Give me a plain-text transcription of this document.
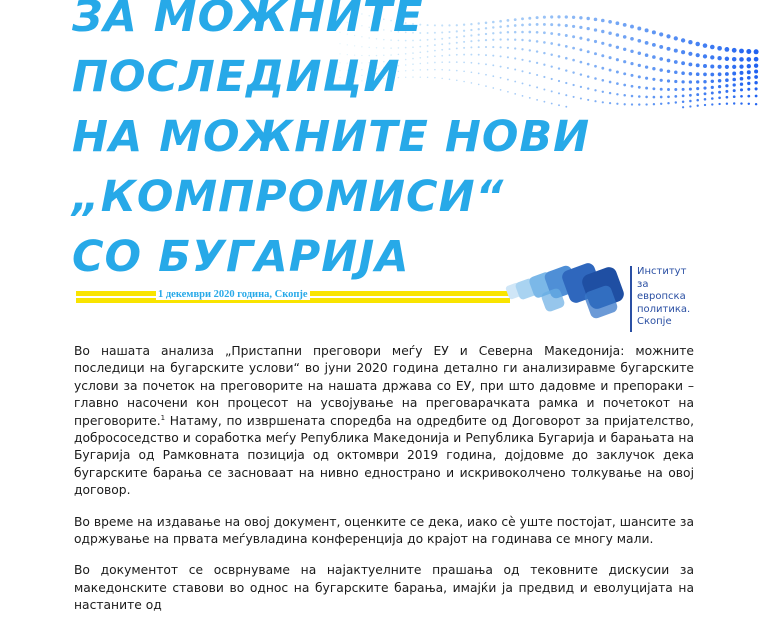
ЗА МОЖНИТЕ
ПОСЛЕДИЦИ
НА МОЖНИТЕ НОВИ
„КОМПРОМИСИ“
СО БУГАРИЈА

1 декември 2020 година, Скопје

Институт
за
европска
политика.
Скопје

Во нашата анализа „Пристапни преговори меѓу ЕУ и Северна Македонија: можните последици на бугарските услови“ во јуни 2020 година детално ги анализиравме бугарските услови за почеток на преговорите на нашата држава со ЕУ, при што дадовме и препораки – главно насочени кон процесот на усвојување на преговарачката рамка и почетокот на преговорите.$^1$ Натаму, по извршената споредба на одредбите од Договорот за пријателство, добрососедство и соработка меѓу Република Македонија и Република Бугарија и барањата на Бугарија од Рамковната позиција од октомври 2019 година, дојдовме до заклучок дека бугарските барања се засноваат на нивно еднострано и искривоколчено толкување на овој договор.

Во време на издавање на овој документ, оценките се дека, иако сè уште постојат, шансите за одржување на првата меѓувладина конференција до крајот на годинава се многу мали.

Во документот се осврнуваме на најактуелните прашања од тековните дискусии за македонските ставови во однос на бугарските барања, имајќи ја предвид и еволуцијата на настаните од
